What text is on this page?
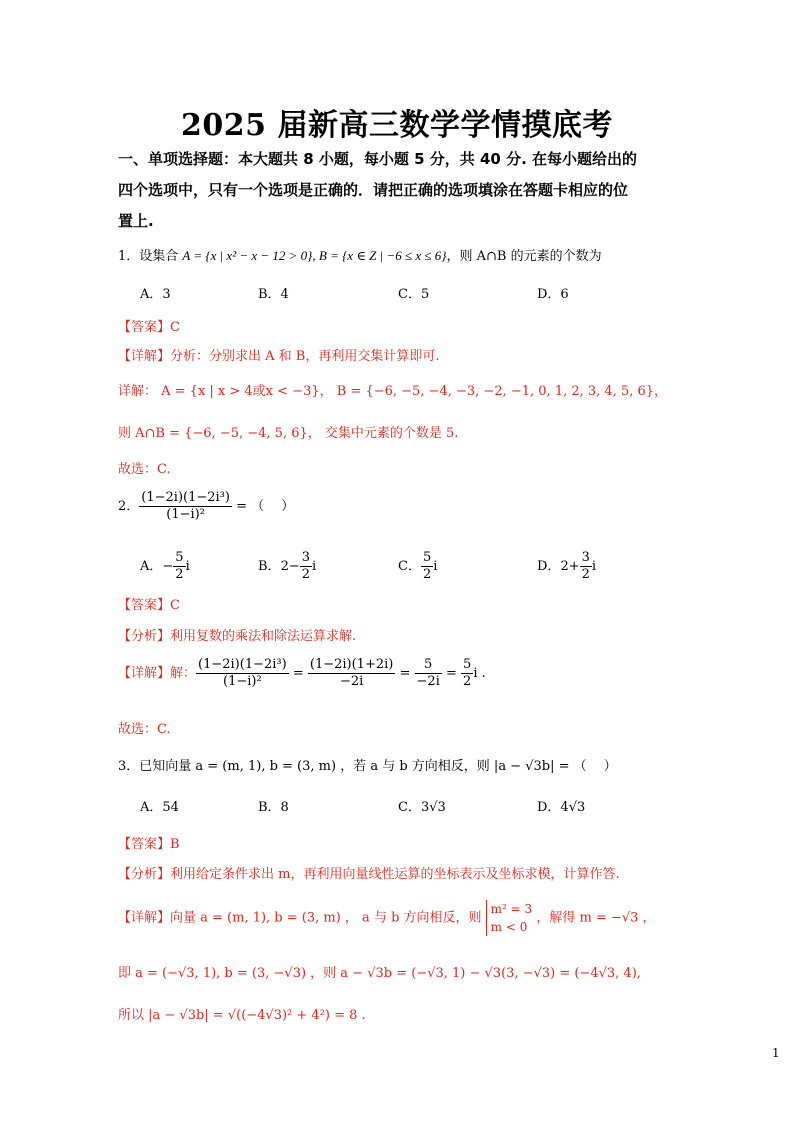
2025 届新高三数学学情摸底考
一、单项选择题：本大题共 8 小题，每小题 5 分，共 40 分. 在每小题给出的
四个选项中，只有一个选项是正确的．请把正确的选项填涂在答题卡相应的位
置上.
1．设集合 A = {x | x² − x − 12 > 0}, B = {x ∈ Z | −6 ≤ x ≤ 6}，则 A∩B 的元素的个数为
A．3	B．4	C．5	D．6
【答案】C
【详解】分析：分别求出 A 和 B，再利用交集计算即可.
详解： A = {x | x > 4或x < −3}， B = {−6, −5, −4, −3, −2, −1, 0, 1, 2, 3, 4, 5, 6}，
则 A∩B = {−6, −5, −4, 5, 6}， 交集中元素的个数是 5.
故选：C.
2． $\frac{\text{(1−2i)(1−2i³)}}{\text{(1−i)²}}$ = （　 ）
A．− $\frac{5}{2}$ i	B．$2- \frac{3}{2}$ i	C． $\frac{5}{2}$ i	D．$2+ \frac{3}{2}$ i
【答案】C
【分析】利用复数的乘法和除法运算求解.
【详解】解： $\frac{\text{(1−2i)(1−2i³)}}{\text{(1−i)²}} = \frac{(1-2i)(1+2i)}{-2i} = \frac{5}{-2i} = \frac{5}{2}$ i .
故选：C.
3．已知向量 a = (m, 1), b = (3, m) ，若 a 与 b 方向相反，则 |a − √3b| = （　 ）
A．54	B．8	C．3√3	D．4√3
【答案】B
【分析】利用给定条件求出 m，再利用向量线性运算的坐标表示及坐标求模，计算作答.
【详解】向量 a = (m, 1), b = (3, m) ， a 与 b 方向相反，则
m² = 3
m < 0
，解得 m = −√3 ，
即 a = (−√3, 1), b = (3, −√3) ，则 a − √3b = (−√3, 1) − √3(3, −√3) = (−4√3, 4),
所以 |a − √3b| = √((−4√3)² + 4²) = 8 .
1
